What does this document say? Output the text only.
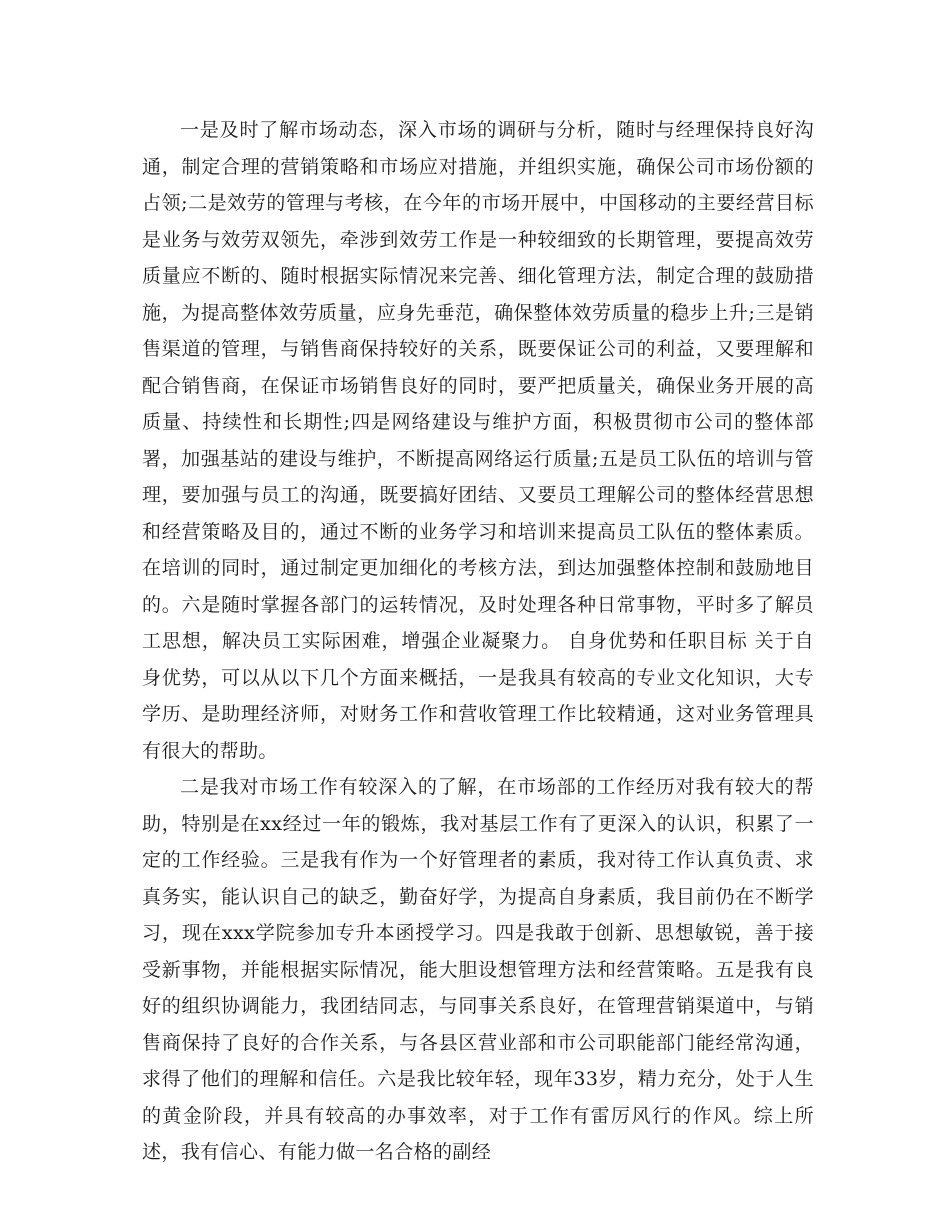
一是及时了解市场动态，深入市场的调研与分析，随时与经理保持良好沟通，制定合理的营销策略和市场应对措施，并组织实施，确保公司市场份额的占领;二是效劳的管理与考核，在今年的市场开展中，中国移动的主要经营目标是业务与效劳双领先，牵涉到效劳工作是一种较细致的长期管理，要提高效劳质量应不断的、随时根据实际情况来完善、细化管理方法，制定合理的鼓励措施，为提高整体效劳质量，应身先垂范，确保整体效劳质量的稳步上升;三是销售渠道的管理，与销售商保持较好的关系，既要保证公司的利益，又要理解和配合销售商，在保证市场销售良好的同时，要严把质量关，确保业务开展的高质量、持续性和长期性;四是网络建设与维护方面，积极贯彻市公司的整体部署，加强基站的建设与维护，不断提高网络运行质量;五是员工队伍的培训与管理，要加强与员工的沟通，既要搞好团结、又要员工理解公司的整体经营思想和经营策略及目的，通过不断的业务学习和培训来提高员工队伍的整体素质。在培训的同时，通过制定更加细化的考核方法，到达加强整体控制和鼓励地目的。六是随时掌握各部门的运转情况，及时处理各种日常事物，平时多了解员工思想，解决员工实际困难，增强企业凝聚力。 自身优势和任职目标 关于自身优势，可以从以下几个方面来概括，一是我具有较高的专业文化知识，大专学历、是助理经济师，对财务工作和营收管理工作比较精通，这对业务管理具有很大的帮助。

二是我对市场工作有较深入的了解，在市场部的工作经历对我有较大的帮助，特别是在xx经过一年的锻炼，我对基层工作有了更深入的认识，积累了一定的工作经验。三是我有作为一个好管理者的素质，我对待工作认真负责、求真务实，能认识自己的缺乏，勤奋好学，为提高自身素质，我目前仍在不断学习，现在xxx学院参加专升本函授学习。四是我敢于创新、思想敏锐，善于接受新事物，并能根据实际情况，能大胆设想管理方法和经营策略。五是我有良好的组织协调能力，我团结同志，与同事关系良好，在管理营销渠道中，与销售商保持了良好的合作关系，与各县区营业部和市公司职能部门能经常沟通，求得了他们的理解和信任。六是我比较年轻，现年33岁，精力充分，处于人生的黄金阶段，并具有较高的办事效率，对于工作有雷厉风行的作风。综上所述，我有信心、有能力做一名合格的副经
